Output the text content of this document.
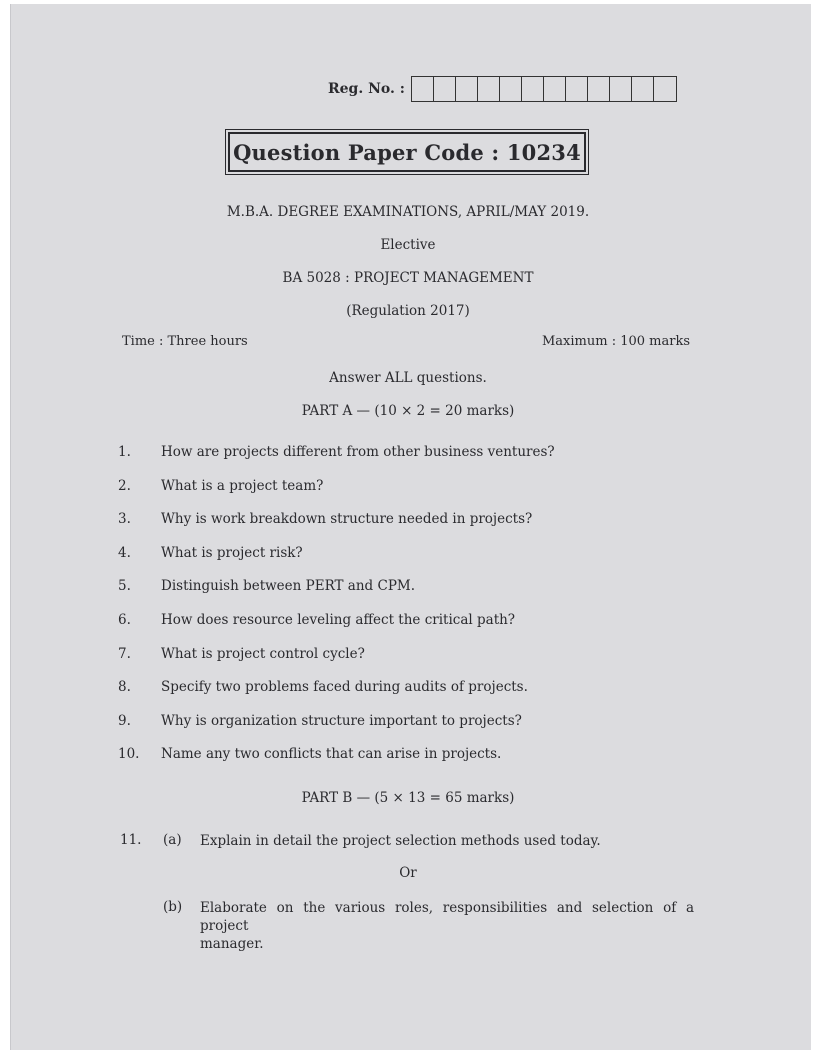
Reg. No. :
Question Paper Code : 10234
M.B.A. DEGREE EXAMINATIONS, APRIL/MAY 2019.
Elective
BA 5028 : PROJECT MANAGEMENT
(Regulation 2017)
Time : Three hours	Maximum : 100 marks
Answer ALL questions.
PART A — (10 × 2 = 20 marks)
1.	How are projects different from other business ventures?
2.	What is a project team?
3.	Why is work breakdown structure needed in projects?
4.	What is project risk?
5.	Distinguish between PERT and CPM.
6.	How does resource leveling affect the critical path?
7.	What is project control cycle?
8.	Specify two problems faced during audits of projects.
9.	Why is organization structure important to projects?
10.	Name any two conflicts that can arise in projects.
PART B — (5 × 13 = 65 marks)
11. (a) Explain in detail the project selection methods used today.
Or
(b) Elaborate on the various roles, responsibilities and selection of a project
manager.
